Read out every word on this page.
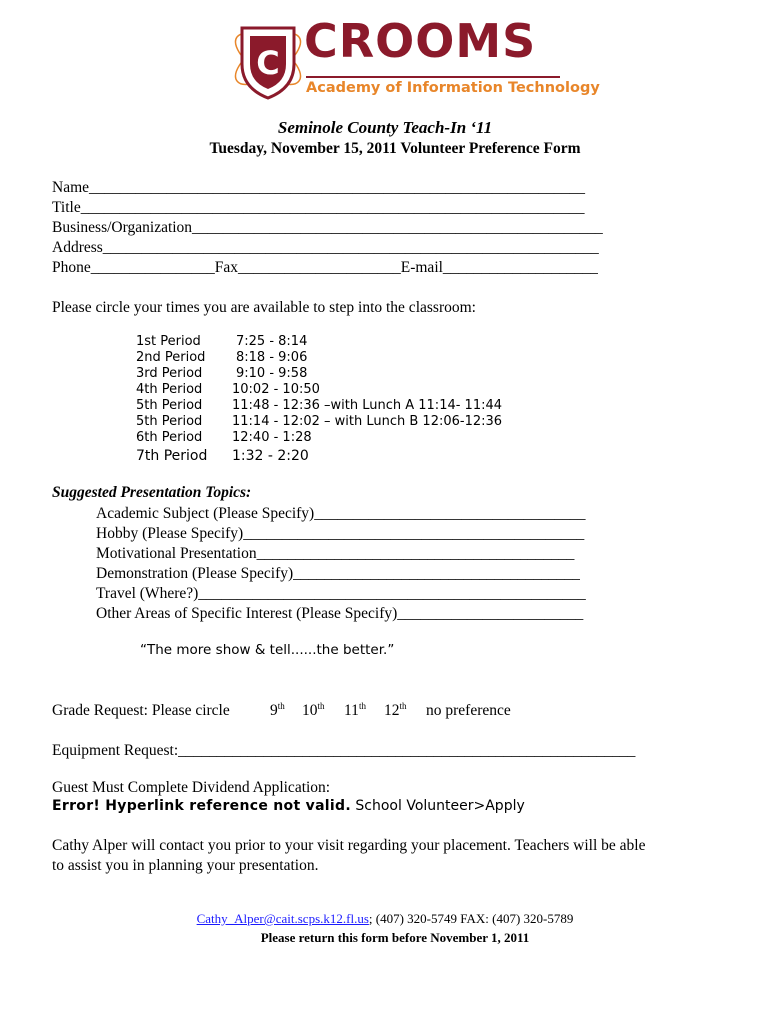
C CROOMS
Academy of Information Technology
Seminole County Teach-In ‘11
Tuesday, November 15, 2011 Volunteer Preference Form
Name________________________________________________________________
Title_________________________________________________________________
Business/Organization_____________________________________________________
Address________________________________________________________________
Phone________________Fax_____________________E-mail____________________
Please circle your times you are available to step into the classroom:
1st Period	7:25 - 8:14
2nd Period 8:18 - 9:06
3rd Period	9:10 - 9:58
4th Period 10:02 - 10:50
5th Period 11:48 - 12:36 –with Lunch A 11:14- 11:44
5th Period 11:14 - 12:02 – with Lunch B 12:06-12:36
6th Period 12:40 - 1:28
7th Period 1:32 - 2:20
Suggested Presentation Topics:
Academic Subject (Please Specify)___________________________________
Hobby (Please Specify)____________________________________________
Motivational Presentation_________________________________________
Demonstration (Please Specify)_____________________________________
Travel (Where?)__________________________________________________
Other Areas of Specific Interest (Please Specify)________________________
“The more show & tell......the better.”
Grade Request: Please circle	9th 10th 11th 12th no preference
Equipment Request:___________________________________________________________
Guest Must Complete Dividend Application:
Error! Hyperlink reference not valid. School Volunteer>Apply
Cathy Alper will contact you prior to your visit regarding your placement. Teachers will be able
to assist you in planning your presentation.
Cathy_Alper@cait.scps.k12.fl.us; (407) 320-5749 FAX: (407) 320-5789
Please return this form before November 1, 2011
